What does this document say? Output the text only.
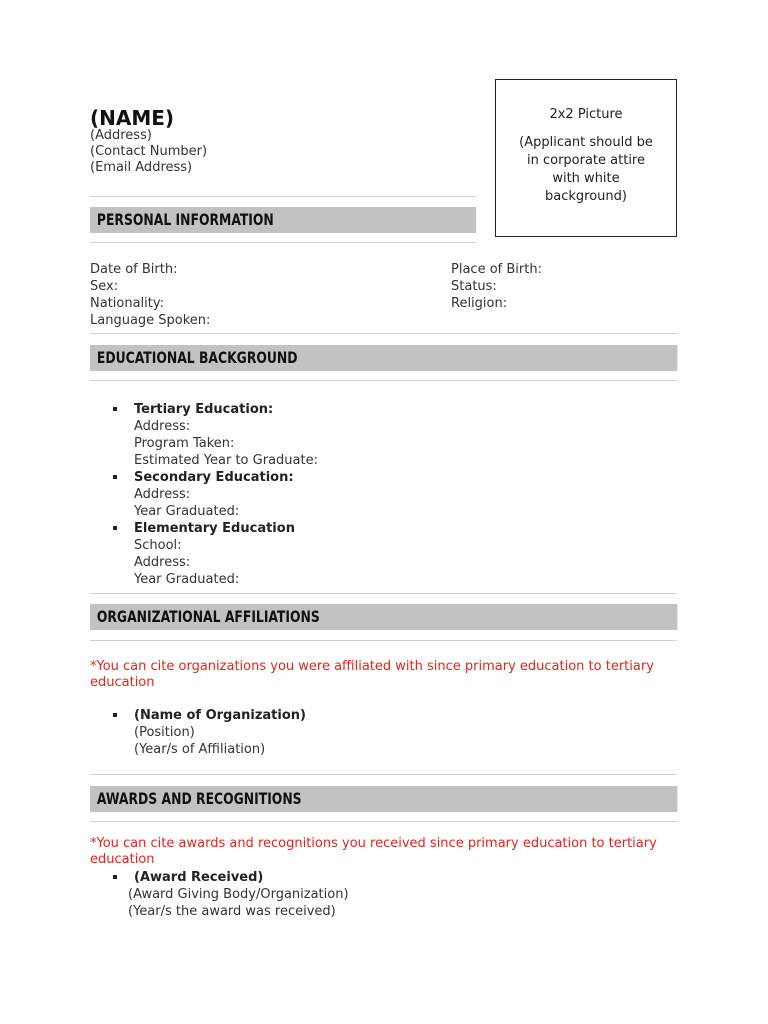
(NAME)
(Address)
(Contact Number)
(Email Address)
2x2 Picture
(Applicant should be
in corporate attire
with white
background)
PERSONAL INFORMATION
Date of Birth:
Sex:
Nationality:
Language Spoken:
Place of Birth:
Status:
Religion:
EDUCATIONAL BACKGROUND
Tertiary Education:
Address:
Program Taken:
Estimated Year to Graduate:
Secondary Education:
Address:
Year Graduated:
Elementary Education
School:
Address:
Year Graduated:
ORGANIZATIONAL AFFILIATIONS
*You can cite organizations you were affiliated with since primary education to tertiary
education
(Name of Organization)
(Position)
(Year/s of Affiliation)
AWARDS AND RECOGNITIONS
*You can cite awards and recognitions you received since primary education to tertiary
education
(Award Received)
(Award Giving Body/Organization)
(Year/s the award was received)
